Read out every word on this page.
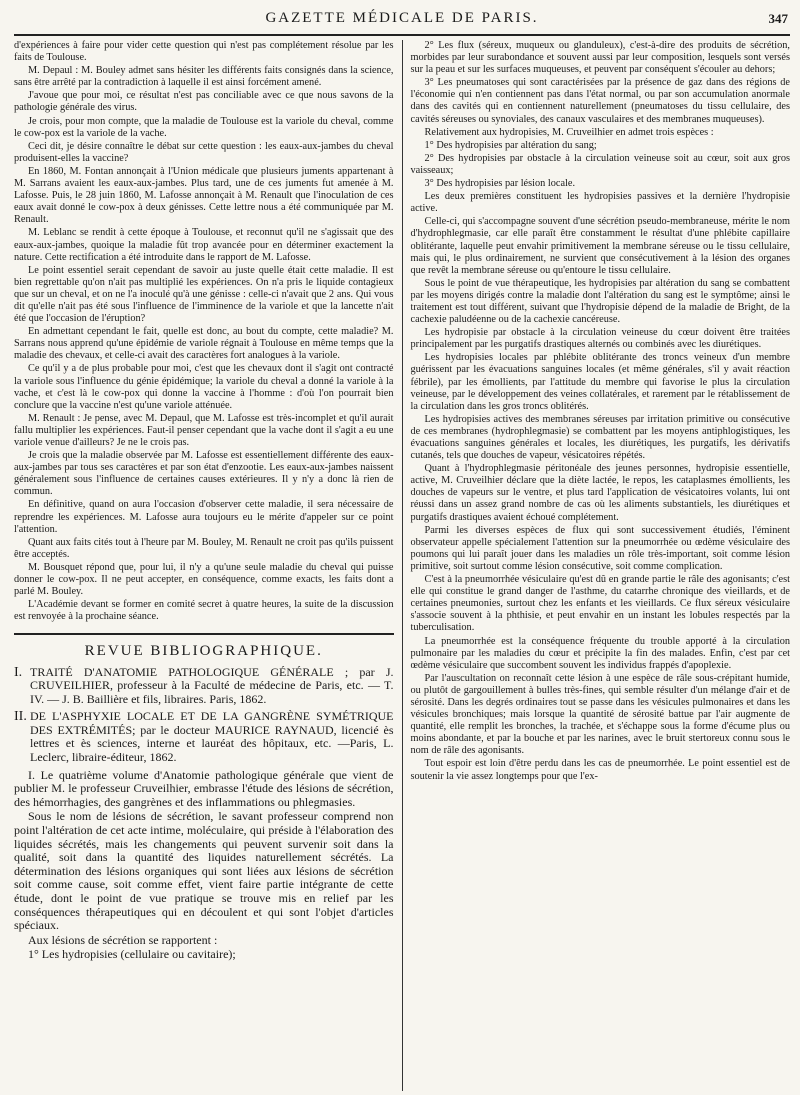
GAZETTE MÉDICALE DE PARIS.	347

d'expériences à faire pour vider cette question qui n'est pas complétement résolue par les faits de Toulouse.

M. Depaul : M. Bouley admet sans hésiter les différents faits consignés dans la science, sans être arrêté par la contradiction à laquelle il est ainsi forcément amené.

J'avoue que pour moi, ce résultat n'est pas conciliable avec ce que nous savons de la pathologie générale des virus.

Je crois, pour mon compte, que la maladie de Toulouse est la variole du cheval, comme le cow-pox est la variole de la vache.

Ceci dit, je désire connaître le débat sur cette question : les eaux-aux-jambes du cheval produisent-elles la vaccine?

En 1860, M. Fontan annonçait à l'Union médicale que plusieurs juments appartenant à M. Sarrans avaient les eaux-aux-jambes. Plus tard, une de ces juments fut amenée à M. Lafosse. Puis, le 28 juin 1860, M. Lafosse annonçait à M. Renault que l'inoculation de ces eaux avait donné le cow-pox à deux génisses. Cette lettre nous a été communiquée par M. Renault.

M. Leblanc se rendit à cette époque à Toulouse, et reconnut qu'il ne s'agissait que des eaux-aux-jambes, quoique la maladie fût trop avancée pour en déterminer exactement la nature. Cette rectification a été introduite dans le rapport de M. Lafosse.

Le point essentiel serait cependant de savoir au juste quelle était cette maladie. Il est bien regrettable qu'on n'ait pas multiplié les expériences. On n'a pris le liquide contagieux que sur un cheval, et on ne l'a inoculé qu'à une génisse : celle-ci n'avait que 2 ans. Qui vous dit qu'elle n'ait pas été sous l'influence de l'imminence de la variole et que la lancette n'ait été que l'occasion de l'éruption?

En admettant cependant le fait, quelle est donc, au bout du compte, cette maladie? M. Sarrans nous apprend qu'une épidémie de variole régnait à Toulouse en même temps que la maladie des chevaux, et celle-ci avait des caractères fort analogues à la variole.

Ce qu'il y a de plus probable pour moi, c'est que les chevaux dont il s'agit ont contracté la variole sous l'influence du génie épidémique; la variole du cheval a donné la variole à la vache, et c'est là le cow-pox qui donne la vaccine à l'homme : d'où l'on pourrait bien conclure que la vaccine n'est qu'une variole atténuée.

M. Renault : Je pense, avec M. Depaul, que M. Lafosse est très-incomplet et qu'il aurait fallu multiplier les expériences. Faut-il penser cependant que la vache dont il s'agit a eu une variole venue d'ailleurs? Je ne le crois pas.

Je crois que la maladie observée par M. Lafosse est essentiellement différente des eaux-aux-jambes par tous ses caractères et par son état d'enzootie. Les eaux-aux-jambes naissent généralement sous l'influence de certaines causes extérieures. Il y n'y a donc là rien de commun.

En définitive, quand on aura l'occasion d'observer cette maladie, il sera nécessaire de reprendre les expériences. M. Lafosse aura toujours eu le mérite d'appeler sur ce point l'attention.

Quant aux faits cités tout à l'heure par M. Bouley, M. Renault ne croit pas qu'ils puissent être acceptés.

M. Bousquet répond que, pour lui, il n'y a qu'une seule maladie du cheval qui puisse donner le cow-pox. Il ne peut accepter, en conséquence, comme exacts, les faits dont a parlé M. Bouley.

L'Académie devant se former en comité secret à quatre heures, la suite de la discussion est renvoyée à la prochaine séance.

REVUE BIBLIOGRAPHIQUE.

I. TRAITÉ D'ANATOMIE PATHOLOGIQUE GÉNÉRALE ; par J. CRUVEILHIER, professeur à la Faculté de médecine de Paris, etc. — T. IV. — J. B. Baillière et fils, libraires. Paris, 1862.

II. DE L'ASPHYXIE LOCALE ET DE LA GANGRÈNE SYMÉTRIQUE DES EXTRÉMITÉS; par le docteur MAURICE RAYNAUD, licencié ès lettres et ès sciences, interne et lauréat des hôpitaux, etc. —Paris, L. Leclerc, libraire-éditeur, 1862.

I. Le quatrième volume d'Anatomie pathologique générale que vient de publier M. le professeur Cruveilhier, embrasse l'étude des lésions de sécrétion, des hémorrhagies, des gangrènes et des inflammations ou phlegmasies.

Sous le nom de lésions de sécrétion, le savant professeur comprend non point l'altération de cet acte intime, moléculaire, qui préside à l'élaboration des liquides sécrétés, mais les changements qui peuvent survenir soit dans la qualité, soit dans la quantité des liquides naturellement sécrétés. La détermination des lésions organiques qui sont liées aux lésions de sécrétion soit comme cause, soit comme effet, vient faire partie intégrante de cette étude, dont le point de vue pratique se trouve mis en relief par les conséquences thérapeutiques qui en découlent et qui sont l'objet d'articles spéciaux.

Aux lésions de sécrétion se rapportent :

1° Les hydropisies (cellulaire ou cavitaire);

2° Les flux (séreux, muqueux ou glanduleux), c'est-à-dire des produits de sécrétion, morbides par leur surabondance et souvent aussi par leur composition, lesquels sont versés sur la peau et sur les surfaces muqueuses, et peuvent par conséquent s'écouler au dehors;

3° Les pneumatoses qui sont caractérisées par la présence de gaz dans des régions de l'économie qui n'en contiennent pas dans l'état normal, ou par son accumulation anormale dans des cavités qui en contiennent naturellement (pneumatoses du tissu cellulaire, des cavités séreuses ou synoviales, des canaux vasculaires et des membranes muqueuses).

Relativement aux hydropisies, M. Cruveilhier en admet trois espèces :

1° Des hydropisies par altération du sang;

2° Des hydropisies par obstacle à la circulation veineuse soit au cœur, soit aux gros vaisseaux;

3° Des hydropisies par lésion locale.

Les deux premières constituent les hydropisies passives et la dernière l'hydropisie active.

Celle-ci, qui s'accompagne souvent d'une sécrétion pseudo-membraneuse, mérite le nom d'hydrophlegmasie, car elle paraît être constamment le résultat d'une phlébite capillaire oblitérante, laquelle peut envahir primitivement la membrane séreuse ou le tissu cellulaire, mais qui, le plus ordinairement, ne survient que consécutivement à la lésion des organes que revêt la membrane séreuse ou qu'entoure le tissu cellulaire.

Sous le point de vue thérapeutique, les hydropisies par altération du sang se combattent par les moyens dirigés contre la maladie dont l'altération du sang est le symptôme; ainsi le traitement est tout différent, suivant que l'hydropisie dépend de la maladie de Bright, de la cachexie paludéenne ou de la cachexie cancéreuse.

Les hydropisie par obstacle à la circulation veineuse du cœur doivent être traitées principalement par les purgatifs drastiques alternés ou combinés avec les diurétiques.

Les hydropisies locales par phlébite oblitérante des troncs veineux d'un membre guérissent par les évacuations sanguines locales (et même générales, s'il y avait réaction fébrile), par les émollients, par l'attitude du membre qui favorise le plus la circulation veineuse, par le développement des veines collatérales, et rarement par le rétablissement de la circulation dans les gros troncs oblitérés.

Les hydropisies actives des membranes séreuses par irritation primitive ou consécutive de ces membranes (hydrophlegmasie) se combattent par les moyens antiphlogistiques, les évacuations sanguines générales et locales, les diurétiques, les purgatifs, les dérivatifs cutanés, tels que douches de vapeur, vésicatoires répétés.

Quant à l'hydrophlegmasie péritonéale des jeunes personnes, hydropisie essentielle, active, M. Cruveilhier déclare que la diète lactée, le repos, les cataplasmes émollients, les douches de vapeurs sur le ventre, et plus tard l'application de vésicatoires volants, lui ont réussi dans un assez grand nombre de cas où les aliments substantiels, les diurétiques et purgatifs drastiques avaient échoué complétement.

Parmi les diverses espèces de flux qui sont successivement étudiés, l'éminent observateur appelle spécialement l'attention sur la pneumorrhée ou œdème vésiculaire des poumons qui lui paraît jouer dans les maladies un rôle très-important, soit comme lésion primitive, soit surtout comme lésion consécutive, soit comme complication.

C'est à la pneumorrhée vésiculaire qu'est dû en grande partie le râle des agonisants; c'est elle qui constitue le grand danger de l'asthme, du catarrhe chronique des vieillards, et de certaines pneumonies, surtout chez les enfants et les vieillards. Ce flux séreux vésiculaire s'associe souvent à la phthisie, et peut envahir en un instant les lobules respectés par la tuberculisation.

La pneumorrhée est la conséquence fréquente du trouble apporté à la circulation pulmonaire par les maladies du cœur et précipite la fin des malades. Enfin, c'est par cet œdème vésiculaire que succombent souvent les individus frappés d'apoplexie.

Par l'auscultation on reconnaît cette lésion à une espèce de râle sous-crépitant humide, ou plutôt de gargouillement à bulles très-fines, qui semble résulter d'un mélange d'air et de sérosité. Dans les degrés ordinaires tout se passe dans les vésicules pulmonaires et dans les vésicules bronchiques; mais lorsque la quantité de sérosité battue par l'air augmente de quantité, elle remplit les bronches, la trachée, et s'échappe sous la forme d'écume plus ou moins abondante, et par la bouche et par les narines, avec le bruit stertoreux connu sous le nom de râle des agonisants.

Tout espoir est loin d'être perdu dans les cas de pneumorrhée. Le point essentiel est de soutenir la vie assez longtemps pour que l'ex-
